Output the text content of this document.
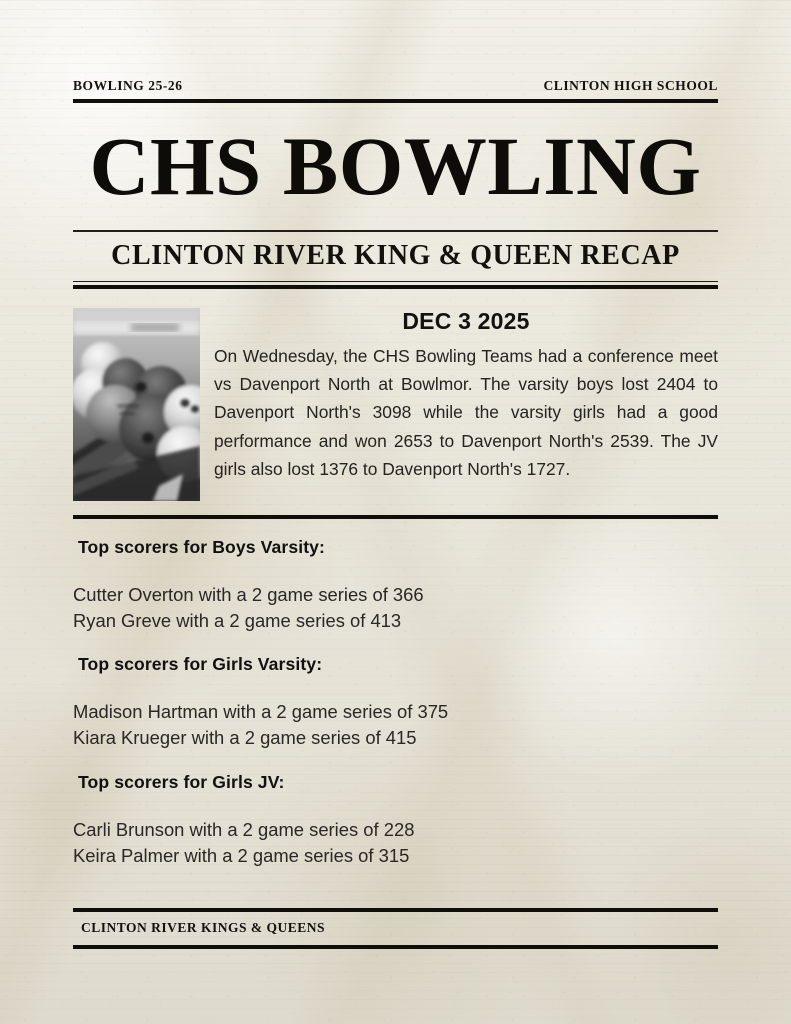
BOWLING 25-26	CLINTON HIGH SCHOOL
CHS BOWLING
CLINTON RIVER KING & QUEEN RECAP
DEC 3 2025

On Wednesday, the CHS Bowling Teams had a conference meet vs Davenport North at Bowlmor. The varsity boys lost 2404 to Davenport North's 3098 while the varsity girls had a good performance and won 2653 to Davenport North's 2539. The JV girls also lost 1376 to Davenport North's 1727.

Top scorers for Boys Varsity:
Cutter Overton with a 2 game series of 366
Ryan Greve with a 2 game series of 413
Top scorers for Girls Varsity:
Madison Hartman with a 2 game series of 375
Kiara Krueger with a 2 game series of 415
Top scorers for Girls JV:
Carli Brunson with a 2 game series of 228
Keira Palmer with a 2 game series of 315
CLINTON RIVER KINGS & QUEENS
